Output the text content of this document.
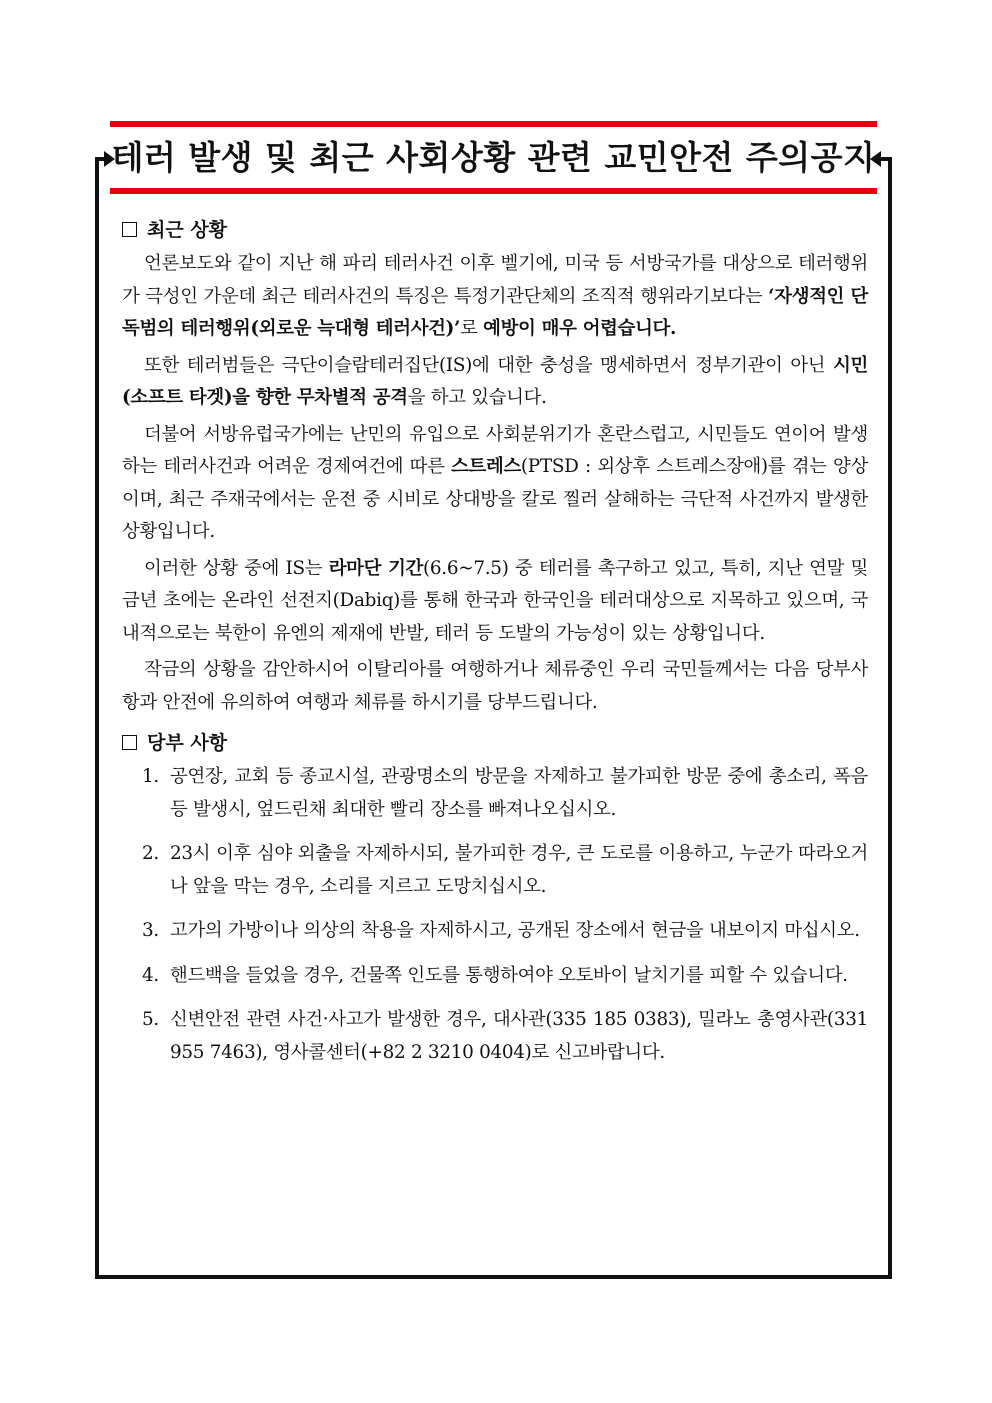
테러 발생 및 최근 사회상황 관련 교민안전 주의공지
최근 상황

언론보도와 같이 지난 해 파리 테러사건 이후 벨기에, 미국 등 서방국가를 대상으로 테러행위가 극성인 가운데 최근 테러사건의 특징은 특정기관단체의 조직적 행위라기보다는 ‘자생적인 단독범의 테러행위(외로운 늑대형 테러사건)’로 예방이 매우 어렵습니다.

또한 테러범들은 극단이슬람테러집단(IS)에 대한 충성을 맹세하면서 정부기관이 아닌 시민(소프트 타겟)을 향한 무차별적 공격을 하고 있습니다.

더불어 서방유럽국가에는 난민의 유입으로 사회분위기가 혼란스럽고, 시민들도 연이어 발생하는 테러사건과 어려운 경제여건에 따른 스트레스(PTSD : 외상후 스트레스장애)를 겪는 양상이며, 최근 주재국에서는 운전 중 시비로 상대방을 칼로 찔러 살해하는 극단적 사건까지 발생한 상황입니다.

이러한 상황 중에 IS는 라마단 기간(6.6~7.5) 중 테러를 촉구하고 있고, 특히, 지난 연말 및 금년 초에는 온라인 선전지(Dabiq)를 통해 한국과 한국인을 테러대상으로 지목하고 있으며, 국내적으로는 북한이 유엔의 제재에 반발, 테러 등 도발의 가능성이 있는 상황입니다.

작금의 상황을 감안하시어 이탈리아를 여행하거나 체류중인 우리 국민들께서는 다음 당부사항과 안전에 유의하여 여행과 체류를 하시기를 당부드립니다.

당부 사항
1. 공연장, 교회 등 종교시설, 관광명소의 방문을 자제하고 불가피한 방문 중에 총소리, 폭음등 발생시, 엎드린채 최대한 빨리 장소를 빠져나오십시오.
2. 23시 이후 심야 외출을 자제하시되, 불가피한 경우, 큰 도로를 이용하고, 누군가 따라오거나 앞을 막는 경우, 소리를 지르고 도망치십시오.
3. 고가의 가방이나 의상의 착용을 자제하시고, 공개된 장소에서 현금을 내보이지 마십시오.
4. 핸드백을 들었을 경우, 건물쪽 인도를 통행하여야 오토바이 날치기를 피할 수 있습니다.
5. 신변안전 관련 사건·사고가 발생한 경우, 대사관(335 185 0383), 밀라노 총영사관(331 955 7463), 영사콜센터(+82 2 3210 0404)로 신고바랍니다.
